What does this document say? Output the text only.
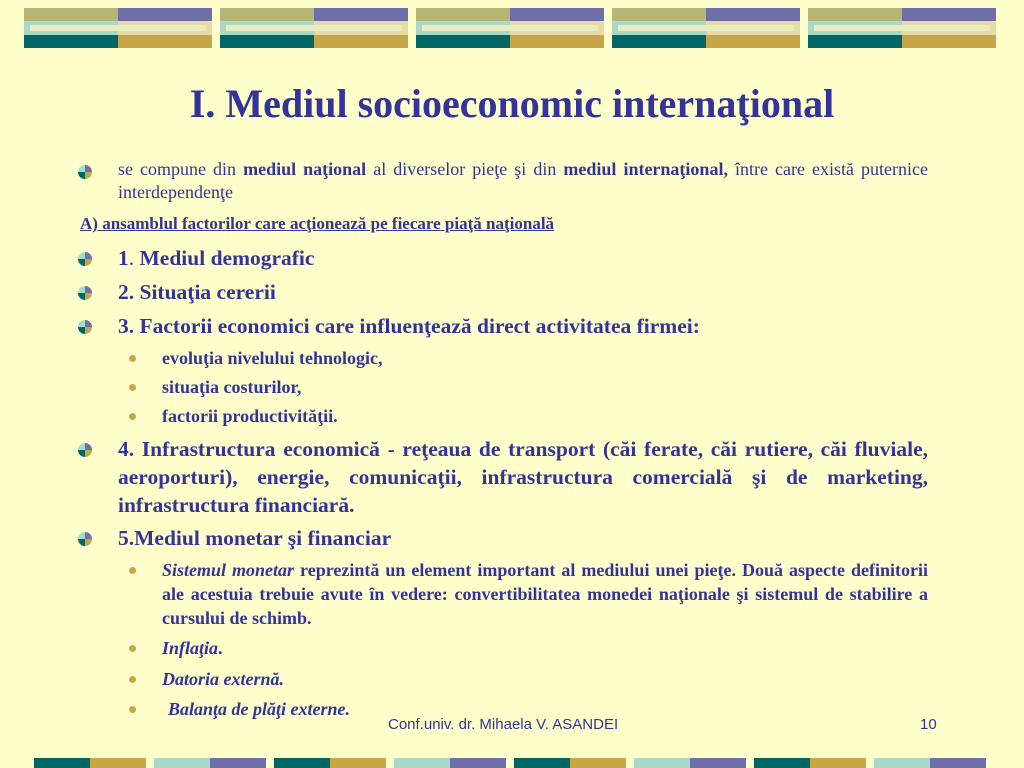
I. Mediul socioeconomic internaţional
se compune din mediul naţional al diverselor pieţe şi din mediul internaţional, între care există puternice interdependenţe
A) ansamblul factorilor care acţionează pe fiecare piaţă naţională
1. Mediul demografic
2. Situaţia cererii
3. Factorii economici care influenţează direct activitatea firmei:
evoluţia nivelului tehnologic,
situaţia costurilor,
factorii productivităţii.
4. Infrastructura economică - reţeaua de transport (căi ferate, căi rutiere, căi fluviale, aeroporturi), energie, comunicaţii, infrastructura comercială şi de marketing, infrastructura financiară.
5.Mediul monetar şi financiar
Sistemul monetar reprezintă un element important al mediului unei pieţe. Două aspecte definitorii ale acestuia trebuie avute în vedere: convertibilitatea monedei naţionale şi sistemul de stabilire a cursului de schimb.
Inflaţia.
Datoria externă.
Balanţa de plăţi externe.
Conf.univ. dr. Mihaela V. ASANDEI	10
